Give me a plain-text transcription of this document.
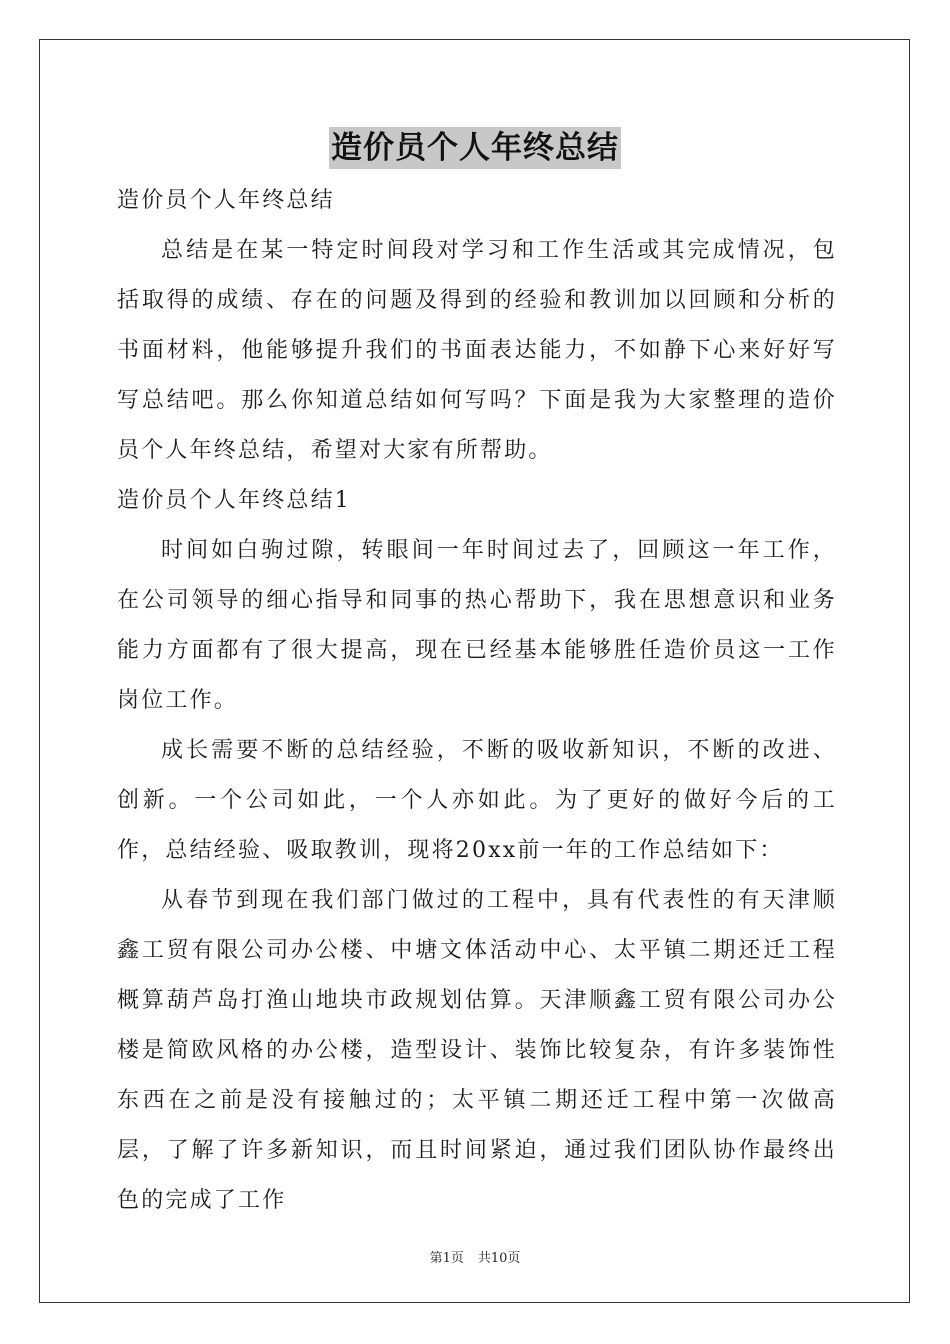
造价员个人年终总结

造价员个人年终总结

总结是在某一特定时间段对学习和工作生活或其完成情况，包括取得的成绩、存在的问题及得到的经验和教训加以回顾和分析的书面材料，他能够提升我们的书面表达能力，不如静下心来好好写写总结吧。那么你知道总结如何写吗？下面是我为大家整理的造价员个人年终总结，希望对大家有所帮助。

造价员个人年终总结1

时间如白驹过隙，转眼间一年时间过去了，回顾这一年工作，在公司领导的细心指导和同事的热心帮助下，我在思想意识和业务能力方面都有了很大提高，现在已经基本能够胜任造价员这一工作岗位工作。

成长需要不断的总结经验，不断的吸收新知识，不断的改进、创新。一个公司如此，一个人亦如此。为了更好的做好今后的工作，总结经验、吸取教训，现将20xx前一年的工作总结如下：

从春节到现在我们部门做过的工程中，具有代表性的有天津顺鑫工贸有限公司办公楼、中塘文体活动中心、太平镇二期还迁工程概算葫芦岛打渔山地块市政规划估算。天津顺鑫工贸有限公司办公楼是简欧风格的办公楼，造型设计、装饰比较复杂，有许多装饰性东西在之前是没有接触过的；太平镇二期还迁工程中第一次做高层，了解了许多新知识，而且时间紧迫，通过我们团队协作最终出色的完成了工作

第1页 共10页
